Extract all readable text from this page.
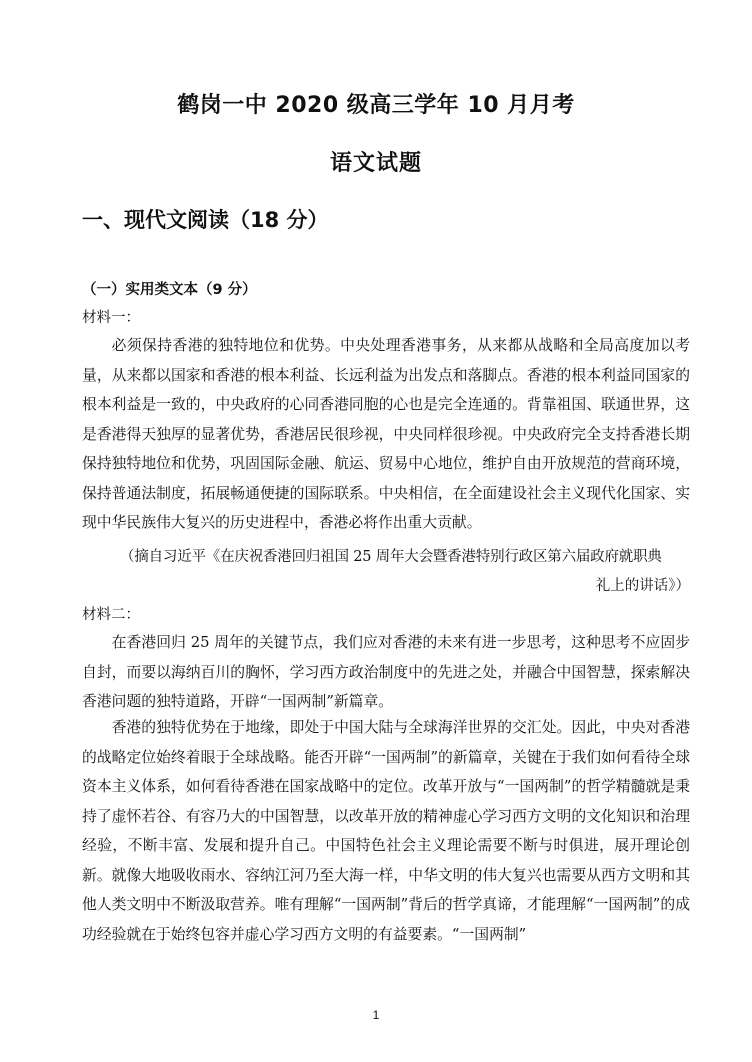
鹤岗一中 2020 级高三学年 10 月月考
语文试题
一、现代文阅读（18 分）
（一）实用类文本（9 分）
材料一：

必须保持香港的独特地位和优势。中央处理香港事务，从来都从战略和全局高度加以考量，从来都以国家和香港的根本利益、长远利益为出发点和落脚点。香港的根本利益同国家的根本利益是一致的，中央政府的心同香港同胞的心也是完全连通的。背靠祖国、联通世界，这是香港得天独厚的显著优势，香港居民很珍视，中央同样很珍视。中央政府完全支持香港长期保持独特地位和优势，巩固国际金融、航运、贸易中心地位，维护自由开放规范的营商环境，保持普通法制度，拓展畅通便捷的国际联系。中央相信，在全面建设社会主义现代化国家、实现中华民族伟大复兴的历史进程中，香港必将作出重大贡献。

（摘自习近平《在庆祝香港回归祖国 25 周年大会暨香港特别行政区第六届政府就职典

礼上的讲话》）
材料二：

在香港回归 25 周年的关键节点，我们应对香港的未来有进一步思考，这种思考不应固步自封，而要以海纳百川的胸怀，学习西方政治制度中的先进之处，并融合中国智慧，探索解决香港问题的独特道路，开辟“一国两制”新篇章。

香港的独特优势在于地缘，即处于中国大陆与全球海洋世界的交汇处。因此，中央对香港的战略定位始终着眼于全球战略。能否开辟“一国两制”的新篇章，关键在于我们如何看待全球资本主义体系，如何看待香港在国家战略中的定位。改革开放与“一国两制”的哲学精髓就是秉持了虚怀若谷、有容乃大的中国智慧，以改革开放的精神虚心学习西方文明的文化知识和治理经验，不断丰富、发展和提升自己。中国特色社会主义理论需要不断与时俱进，展开理论创新。就像大地吸收雨水、容纳江河乃至大海一样，中华文明的伟大复兴也需要从西方文明和其他人类文明中不断汲取营养。唯有理解“一国两制”背后的哲学真谛，才能理解“一国两制”的成功经验就在于始终包容并虚心学习西方文明的有益要素。“一国两制”

1
